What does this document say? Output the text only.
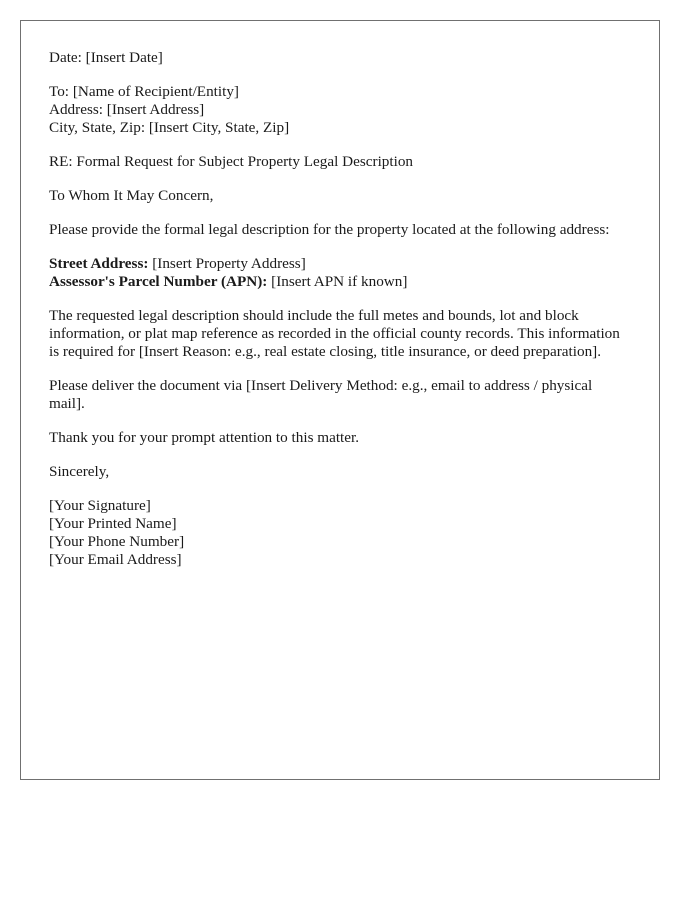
Date: [Insert Date]
To: [Name of Recipient/Entity]
Address: [Insert Address]
City, State, Zip: [Insert City, State, Zip]
RE: Formal Request for Subject Property Legal Description
To Whom It May Concern,
Please provide the formal legal description for the property located at the following address:
Street Address: [Insert Property Address]
Assessor's Parcel Number (APN): [Insert APN if known]
The requested legal description should include the full metes and bounds, lot and block information, or plat map reference as recorded in the official county records. This information is required for [Insert Reason: e.g., real estate closing, title insurance, or deed preparation].
Please deliver the document via [Insert Delivery Method: e.g., email to address / physical mail].
Thank you for your prompt attention to this matter.
Sincerely,
[Your Signature]
[Your Printed Name]
[Your Phone Number]
[Your Email Address]
